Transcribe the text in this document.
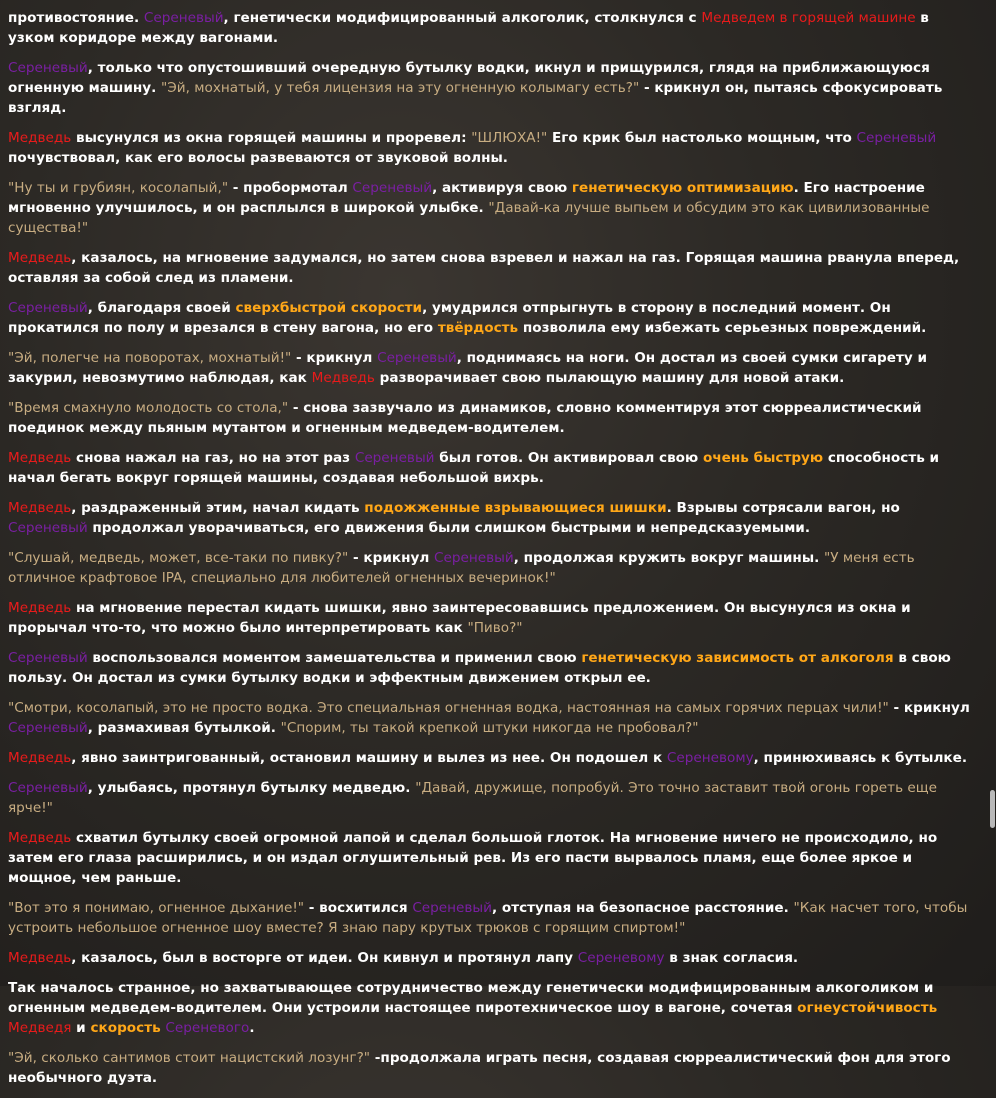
противостояние. Сереневый, генетически модифицированный алкоголик, столкнулся с Медведем в горящей машине в узком коридоре между вагонами.

Сереневый, только что опустошивший очередную бутылку водки, икнул и прищурился, глядя на приближающуюся огненную машину. "Эй, мохнатый, у тебя лицензия на эту огненную колымагу есть?" - крикнул он, пытаясь сфокусировать взгляд.

Медведь высунулся из окна горящей машины и проревел: "ШЛЮХА!" Его крик был настолько мощным, что Сереневый почувствовал, как его волосы развеваются от звуковой волны.

"Ну ты и грубиян, косолапый," - пробормотал Сереневый, активируя свою генетическую оптимизацию. Его настроение мгновенно улучшилось, и он расплылся в широкой улыбке. "Давай-ка лучше выпьем и обсудим это как цивилизованные существа!"

Медведь, казалось, на мгновение задумался, но затем снова взревел и нажал на газ. Горящая машина рванула вперед, оставляя за собой след из пламени.

Сереневый, благодаря своей сверхбыстрой скорости, умудрился отпрыгнуть в сторону в последний момент. Он прокатился по полу и врезался в стену вагона, но его твёрдость позволила ему избежать серьезных повреждений.

"Эй, полегче на поворотах, мохнатый!" - крикнул Сереневый, поднимаясь на ноги. Он достал из своей сумки сигарету и закурил, невозмутимо наблюдая, как Медведь разворачивает свою пылающую машину для новой атаки.

"Время смахнуло молодость со стола," - снова зазвучало из динамиков, словно комментируя этот сюрреалистический поединок между пьяным мутантом и огненным медведем-водителем.

Медведь снова нажал на газ, но на этот раз Сереневый был готов. Он активировал свою очень быструю способность и начал бегать вокруг горящей машины, создавая небольшой вихрь.

Медведь, раздраженный этим, начал кидать подожженные взрывающиеся шишки. Взрывы сотрясали вагон, но Сереневый продолжал уворачиваться, его движения были слишком быстрыми и непредсказуемыми.

"Слушай, медведь, может, все-таки по пивку?" - крикнул Сереневый, продолжая кружить вокруг машины. "У меня есть отличное крафтовое IPA, специально для любителей огненных вечеринок!"

Медведь на мгновение перестал кидать шишки, явно заинтересовавшись предложением. Он высунулся из окна и прорычал что-то, что можно было интерпретировать как "Пиво?"

Сереневый воспользовался моментом замешательства и применил свою генетическую зависимость от алкоголя в свою пользу. Он достал из сумки бутылку водки и эффектным движением открыл ее.

"Смотри, косолапый, это не просто водка. Это специальная огненная водка, настоянная на самых горячих перцах чили!" - крикнул Сереневый, размахивая бутылкой. "Спорим, ты такой крепкой штуки никогда не пробовал?"

Медведь, явно заинтригованный, остановил машину и вылез из нее. Он подошел к Сереневому, принюхиваясь к бутылке.

Сереневый, улыбаясь, протянул бутылку медведю. "Давай, дружище, попробуй. Это точно заставит твой огонь гореть еще ярче!"

Медведь схватил бутылку своей огромной лапой и сделал большой глоток. На мгновение ничего не происходило, но затем его глаза расширились, и он издал оглушительный рев. Из его пасти вырвалось пламя, еще более яркое и мощное, чем раньше.

"Вот это я понимаю, огненное дыхание!" - восхитился Сереневый, отступая на безопасное расстояние. "Как насчет того, чтобы устроить небольшое огненное шоу вместе? Я знаю пару крутых трюков с горящим спиртом!"

Медведь, казалось, был в восторге от идеи. Он кивнул и протянул лапу Сереневому в знак согласия.

Так началось странное, но захватывающее сотрудничество между генетически модифицированным алкоголиком и огненным медведем-водителем. Они устроили настоящее пиротехническое шоу в вагоне, сочетая огнеустойчивость Медведя и скорость Сереневого.

"Эй, сколько сантимов стоит нацистский лозунг?" -продолжала играть песня, создавая сюрреалистический фон для этого необычного дуэта.
